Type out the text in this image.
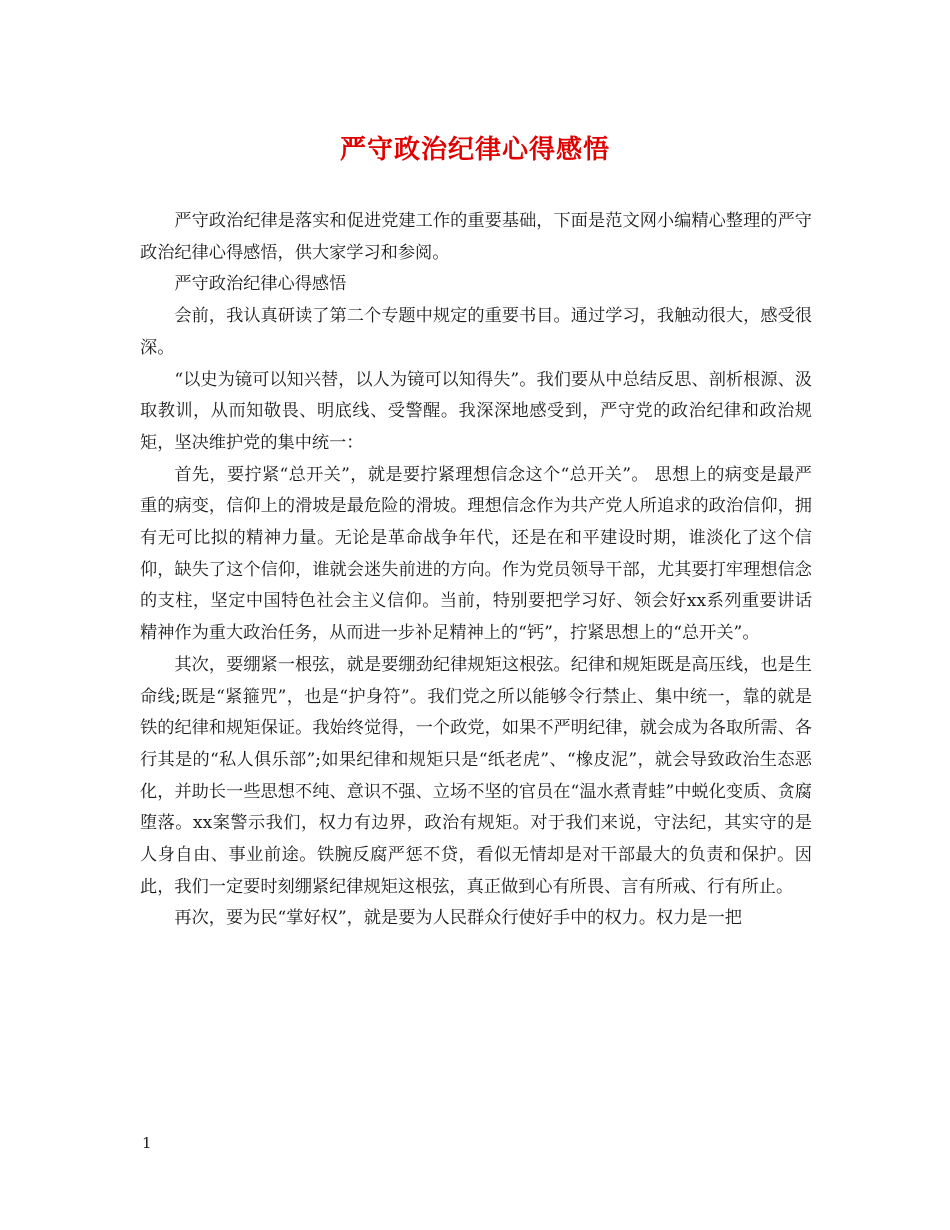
严守政治纪律心得感悟

严守政治纪律是落实和促进党建工作的重要基础，下面是范文网小编精心整理的严守政治纪律心得感悟，供大家学习和参阅。

严守政治纪律心得感悟

会前，我认真研读了第二个专题中规定的重要书目。通过学习，我触动很大，感受很深。

“以史为镜可以知兴替，以人为镜可以知得失”。我们要从中总结反思、剖析根源、汲取教训，从而知敬畏、明底线、受警醒。我深深地感受到，严守党的政治纪律和政治规矩，坚决维护党的集中统一：

首先，要拧紧“总开关”，就是要拧紧理想信念这个“总开关”。 思想上的病变是最严重的病变，信仰上的滑坡是最危险的滑坡。理想信念作为共产党人所追求的政治信仰，拥有无可比拟的精神力量。无论是革命战争年代，还是在和平建设时期，谁淡化了这个信仰，缺失了这个信仰，谁就会迷失前进的方向。作为党员领导干部，尤其要打牢理想信念的支柱，坚定中国特色社会主义信仰。当前，特别要把学习好、领会好xx系列重要讲话精神作为重大政治任务，从而进一步补足精神上的“钙”，拧紧思想上的“总开关”。

其次，要绷紧一根弦，就是要绷劲纪律规矩这根弦。纪律和规矩既是高压线，也是生命线;既是“紧箍咒”，也是“护身符”。我们党之所以能够令行禁止、集中统一，靠的就是铁的纪律和规矩保证。我始终觉得，一个政党，如果不严明纪律，就会成为各取所需、各行其是的“私人俱乐部”;如果纪律和规矩只是“纸老虎”、“橡皮泥”，就会导致政治生态恶化，并助长一些思想不纯、意识不强、立场不坚的官员在“温水煮青蛙”中蜕化变质、贪腐堕落。xx案警示我们，权力有边界，政治有规矩。对于我们来说，守法纪，其实守的是人身自由、事业前途。铁腕反腐严惩不贷，看似无情却是对干部最大的负责和保护。因此，我们一定要时刻绷紧纪律规矩这根弦，真正做到心有所畏、言有所戒、行有所止。

再次，要为民“掌好权”，就是要为人民群众行使好手中的权力。权力是一把

1
